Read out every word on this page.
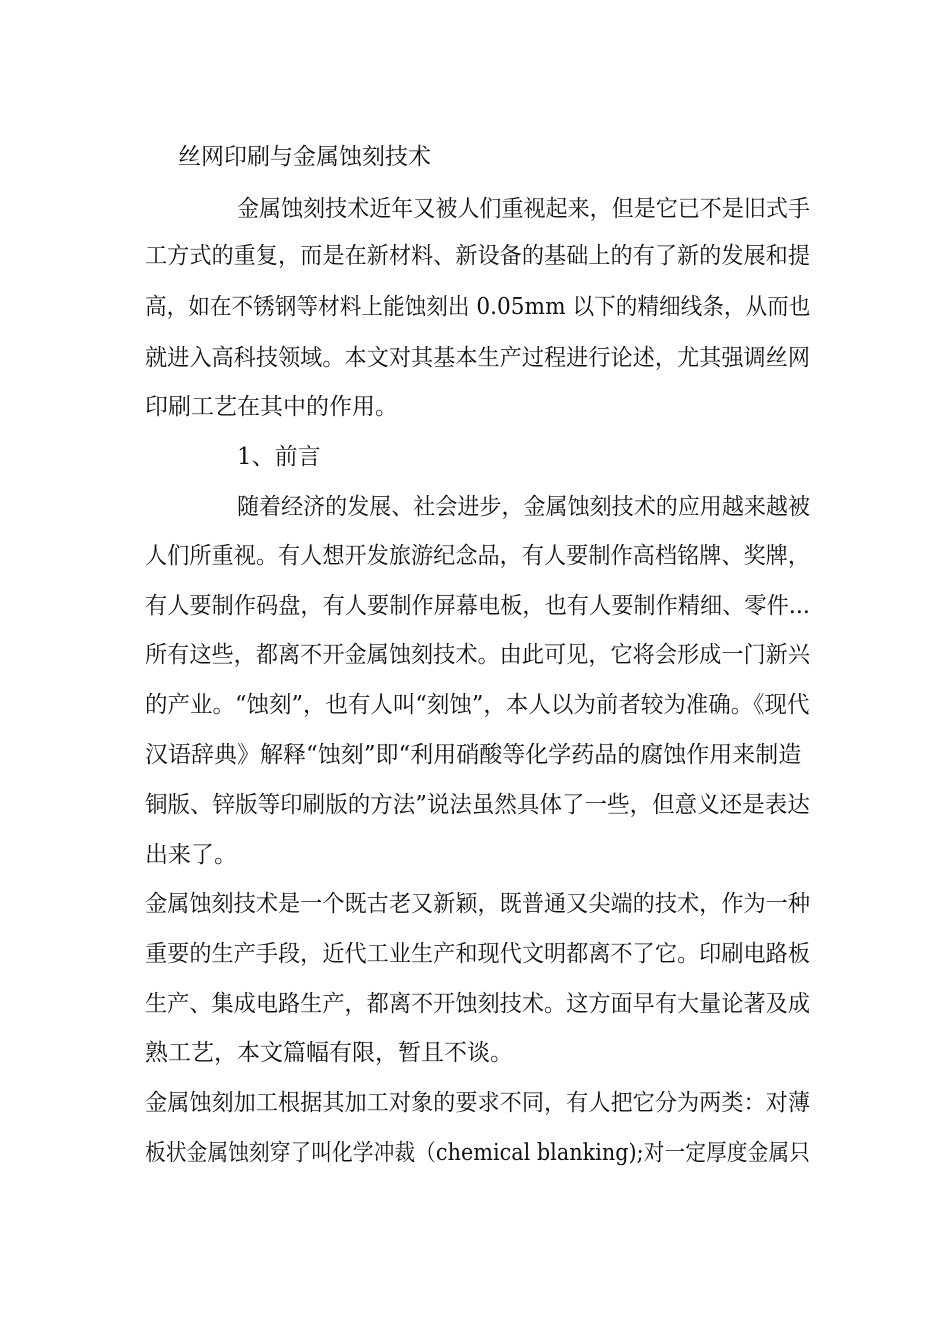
丝网印刷与金属蚀刻技术
金属蚀刻技术近年又被人们重视起来，但是它已不是旧式手
工方式的重复，而是在新材料、新设备的基础上的有了新的发展和提
高，如在不锈钢等材料上能蚀刻出 0.05mm 以下的精细线条，从而也
就进入高科技领域。本文对其基本生产过程进行论述，尤其强调丝网
印刷工艺在其中的作用。
1、前言
随着经济的发展、社会进步，金属蚀刻技术的应用越来越被
人们所重视。有人想开发旅游纪念品，有人要制作高档铭牌、奖牌，
有人要制作码盘，有人要制作屏幕电板，也有人要制作精细、零件...
所有这些，都离不开金属蚀刻技术。由此可见，它将会形成一门新兴
的产业。“蚀刻”，也有人叫“刻蚀”，本人以为前者较为准确。《现代
汉语辞典》解释“蚀刻”即“利用硝酸等化学药品的腐蚀作用来制造
铜版、锌版等印刷版的方法”说法虽然具体了一些，但意义还是表达
出来了。
金属蚀刻技术是一个既古老又新颖，既普通又尖端的技术，作为一种
重要的生产手段，近代工业生产和现代文明都离不了它。印刷电路板
生产、集成电路生产，都离不开蚀刻技术。这方面早有大量论著及成
熟工艺，本文篇幅有限，暂且不谈。
金属蚀刻加工根据其加工对象的要求不同，有人把它分为两类：对薄
板状金属蚀刻穿了叫化学冲裁（chemical blanking);对一定厚度金属只
